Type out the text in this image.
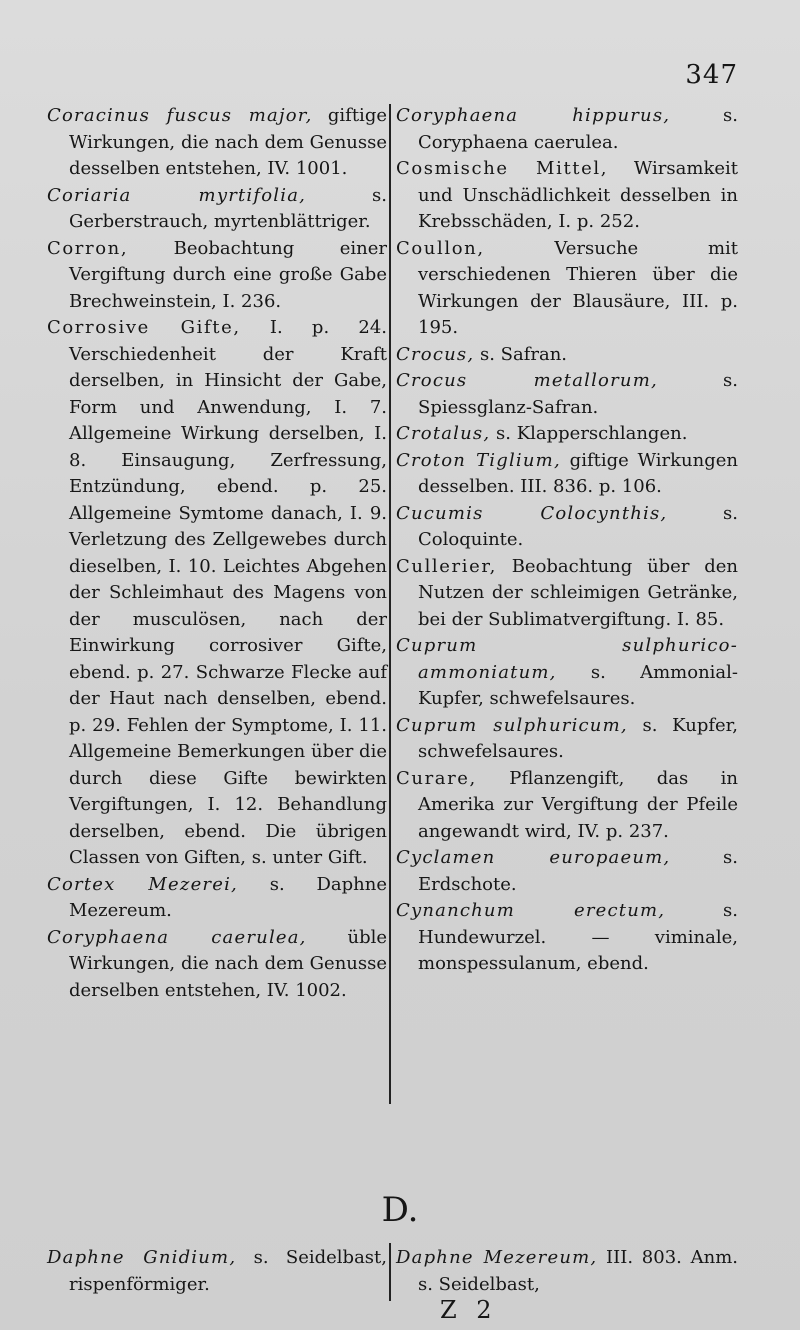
347

Coracinus fuscus major, giftige Wirkungen, die nach dem Genusse desselben entstehen, IV. 1001.

Coriaria myrtifolia, s. Gerberstrauch, myrtenblättriger.

Corron, Beobachtung einer Vergiftung durch eine große Gabe Brechweinstein, I. 236.

Corrosive Gifte, I. p. 24. Verschiedenheit der Kraft derselben, in Hinsicht der Gabe, Form und Anwendung, I. 7. Allgemeine Wirkung derselben, I. 8. Einsaugung, Zerfressung, Entzündung, ebend. p. 25. Allgemeine Symtome danach, I. 9. Verletzung des Zellgewebes durch dieselben, I. 10. Leichtes Abgehen der Schleimhaut des Magens von der musculösen, nach der Einwirkung corrosiver Gifte, ebend. p. 27. Schwarze Flecke auf der Haut nach denselben, ebend. p. 29. Fehlen der Symptome, I. 11. Allgemeine Bemerkungen über die durch diese Gifte bewirkten Vergiftungen, I. 12. Behandlung derselben, ebend. Die übrigen Classen von Giften, s. unter Gift.

Cortex Mezerei, s. Daphne Mezereum.

Coryphaena caerulea, üble Wirkungen, die nach dem Genusse derselben entstehen, IV. 1002.

Coryphaena hippurus, s. Coryphaena caerulea.

Cosmische Mittel, Wirsamkeit und Unschädlichkeit desselben in Krebsschäden, I. p. 252.

Coullon, Versuche mit verschiedenen Thieren über die Wirkungen der Blausäure, III. p. 195.

Crocus, s. Safran.

Crocus metallorum, s. Spiessglanz-Safran.

Crotalus, s. Klapperschlangen.

Croton Tiglium, giftige Wirkungen desselben. III. 836. p. 106.

Cucumis Colocynthis, s. Coloquinte.

Cullerier, Beobachtung über den Nutzen der schleimigen Getränke, bei der Sublimatvergiftung. I. 85.

Cuprum sulphurico-ammoniatum, s. Ammonial-Kupfer, schwefelsaures.

Cuprum sulphuricum, s. Kupfer, schwefelsaures.

Curare, Pflanzengift, das in Amerika zur Vergiftung der Pfeile angewandt wird, IV. p. 237.

Cyclamen europaeum, s. Erdschote.

Cynanchum erectum, s. Hundewurzel. — viminale, monspessulanum, ebend.

D.

Daphne Gnidium, s. Seidelbast, rispenförmiger.

Daphne Mezereum, III. 803. Anm. s. Seidelbast,

Z 2
